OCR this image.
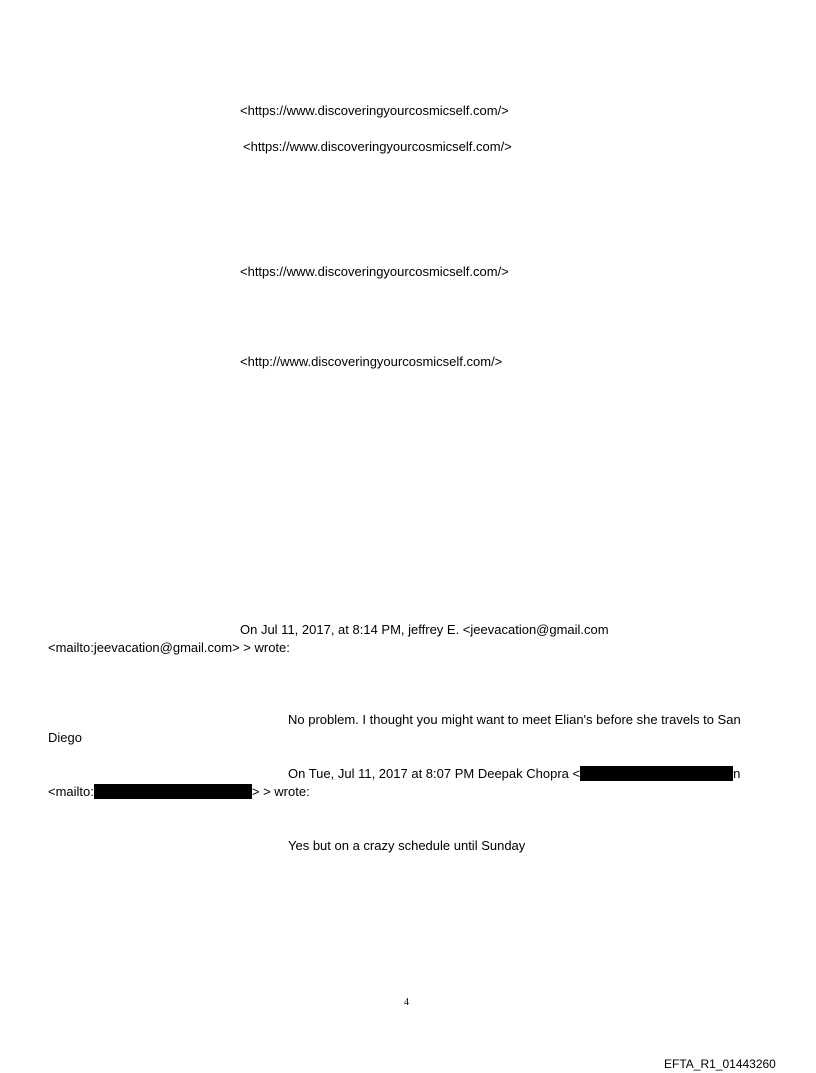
<https://www.discoveringyourcosmicself.com/>
<https://www.discoveringyourcosmicself.com/>
<https://www.discoveringyourcosmicself.com/>
<http://www.discoveringyourcosmicself.com/>
On Jul 11, 2017, at 8:14 PM, jeffrey E. <jeevacation@gmail.com
<mailto:jeevacation@gmail.com> > wrote:
No problem. I thought you might want to meet Elian's before she travels to San
Diego
On Tue, Jul 11, 2017 at 8:07 PM Deepak Chopra <	n
<mailto:	> > wrote:
Yes but on a crazy schedule until Sunday
4
EFTA_R1_01443260
